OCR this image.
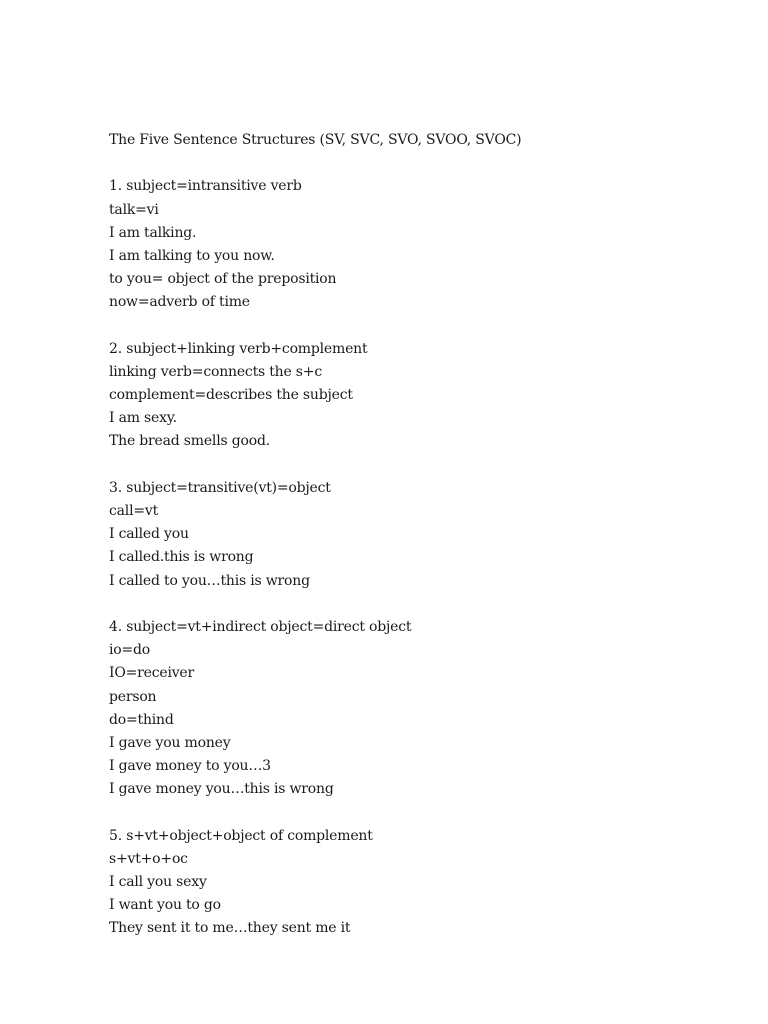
The Five Sentence Structures (SV, SVC, SVO, SVOO, SVOC)
1. subject=intransitive verb
talk=vi
I am talking.
I am talking to you now.
to you= object of the preposition
now=adverb of time
2. subject+linking verb+complement
linking verb=connects the s+c
complement=describes the subject
I am sexy.
The bread smells good.
3. subject=transitive(vt)=object
call=vt
I called you
I called.this is wrong
I called to you…this is wrong
4. subject=vt+indirect object=direct object
io=do
IO=receiver
person
do=thind
I gave you money
I gave money to you…3
I gave money you…this is wrong
5. s+vt+object+object of complement
s+vt+o+oc
I call you sexy
I want you to go
They sent it to me…they sent me it
